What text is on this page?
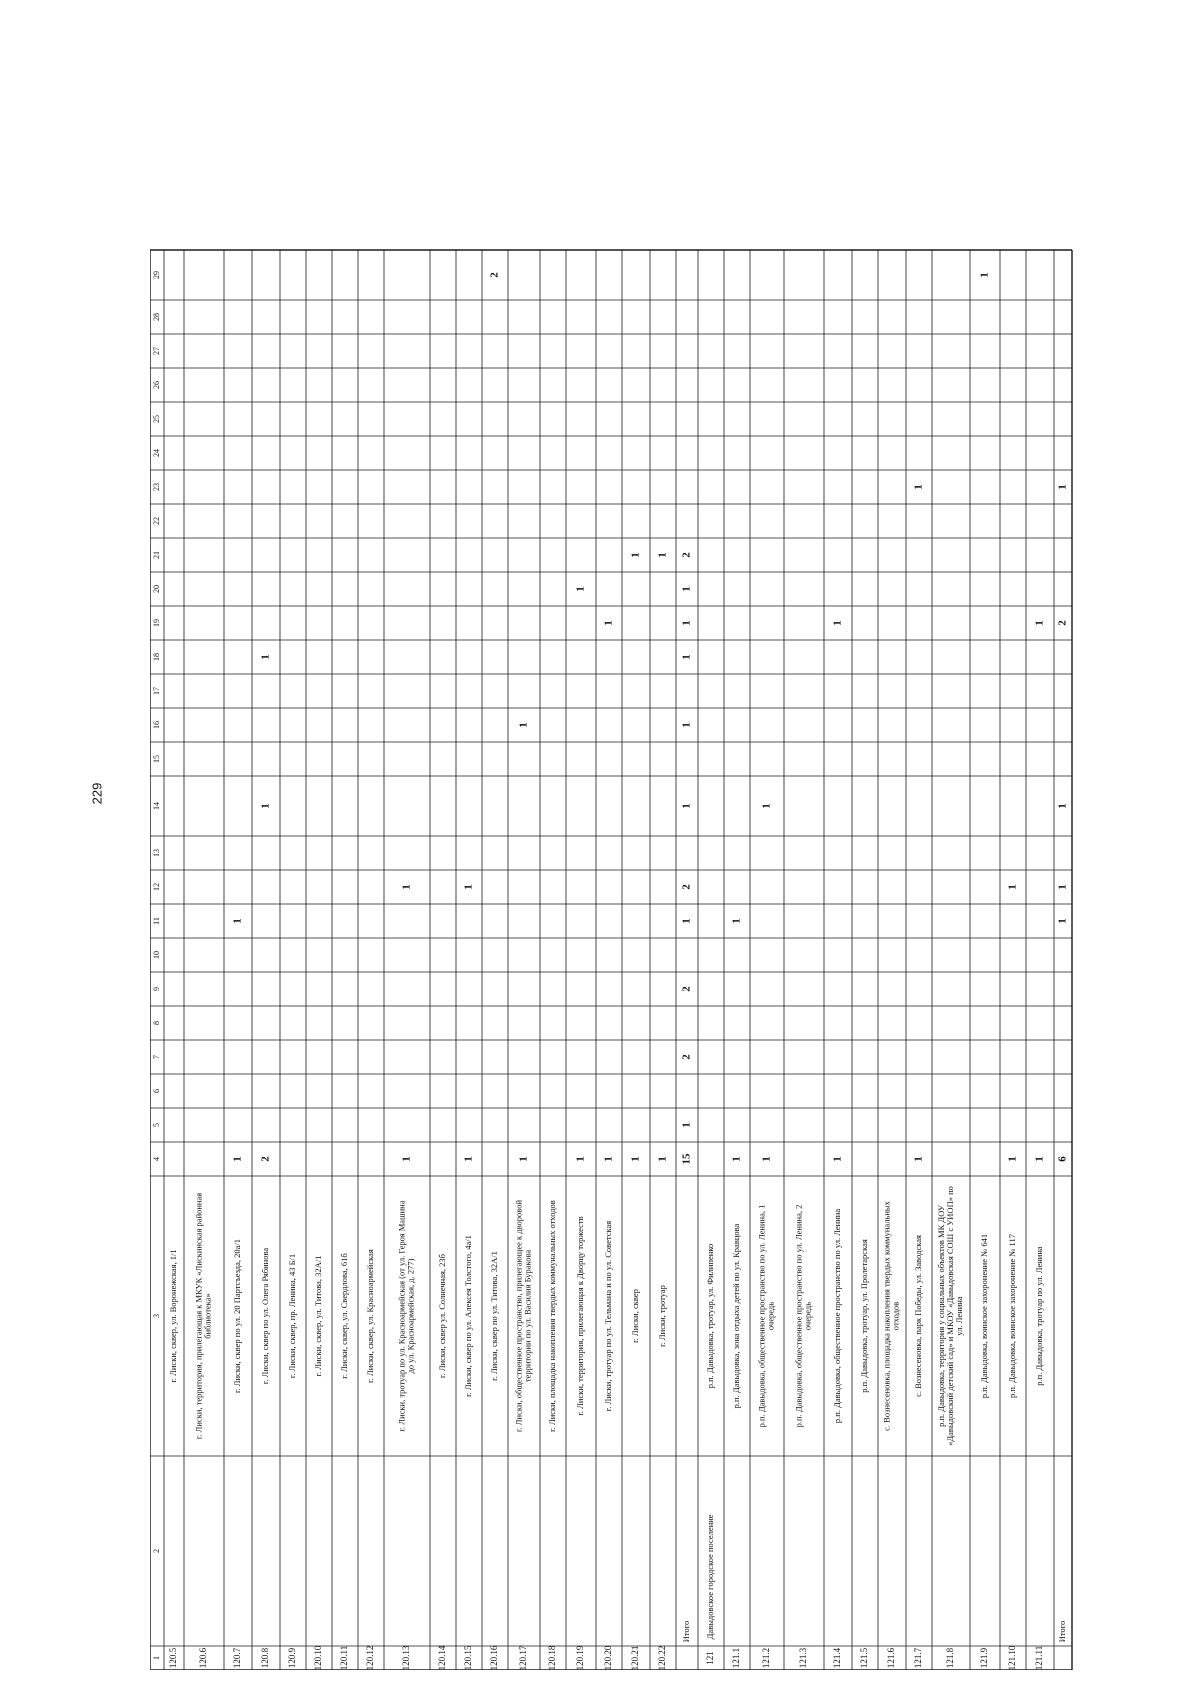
229
1
2
3
4
5
6
7
8
9
10
11
12
13
14
15
16
17
18
19
20
21
22
23
24
25
26
27
28
29
120.5
г. Лиски, сквер, ул. Воронежская, 1/1
120.6
г. Лиски, территория, прилегающая к МКУК «Лискинская районная библиотека»
120.7
г. Лиски, сквер по ул. 20 Партсъезда, 20а/1
1
1
120.8
г. Лиски, сквер по ул. Олега Рябинова
2
1
1
120.9
г. Лиски, сквер, пр. Ленина, 43 Б/1
120.10
г. Лиски, сквер, ул. Титова, 32А/1
120.11
г. Лиски, сквер, ул. Свердлова, 61б
120.12
г. Лиски, сквер, ул. Красноармейская
120.13
г. Лиски, тротуар по ул. Красноармейская (от ул. Героя Машина до ул. Красноармейская, д. 277)
1
1
120.14
г. Лиски, сквер ул. Солнечная, 23б
120.15
г. Лиски, сквер по ул. Алексея Толстого, 4а/1
1
1
120.16
г. Лиски, сквер по ул. Титова, 32А/1
2
120.17
г. Лиски, общественное пространство, прилегающее к дворовой территории по ул. Василия Буракова
1
1
120.18
г. Лиски, площадка накопления твердых коммунальных отходов
120.19
г. Лиски, территория, прилегающая к Дворцу торжеств
1
1
120.20
г. Лиски, тротуар по ул. Тельмана и по ул. Советская
1
1
120.21
г. Лиски, сквер
1
1
120.22
г. Лиски, тротуар
1
1
Итого
15
1
2
2
1
2
1
1
1
1
1
2
121
Давыдовское городское поселение
р.п. Давыдовка, тротуар, ул. Филипенко
121.1
р.п. Давыдовка, зона отдыха детей по ул. Кравцова
1
1
121.2
р.п. Давыдовка, общественное пространство по ул. Ленина, 1 очередь
1
1
121.3
р.п. Давыдовка, общественное пространство по ул. Ленина, 2 очередь
121.4
р.п. Давыдовка, общественное пространство по ул. Ленина
1
1
121.5
р.п. Давыдовка, тротуар, ул. Пролетарская
121.6
с. Вознесеновка, площадка накопления твердых коммунальных отходов
121.7
с. Вознесеновка, парк Победы, ул. Заводская
1
1
121.8
р.п. Давыдовка, территория у социальных объектов МК ДОУ «Давыдовский детский сад» и МКОУ «Давыдовская СОШ с УИОП» по ул. Ленина
121.9
р.п. Давыдовка, воинское захоронение № 641
1
121.10
р.п. Давыдовка, воинское захоронение № 117
1
1
121.11
р.п. Давыдовка, тротуар по ул. Ленина
1
1
Итого
6
1
1
1
2
1
